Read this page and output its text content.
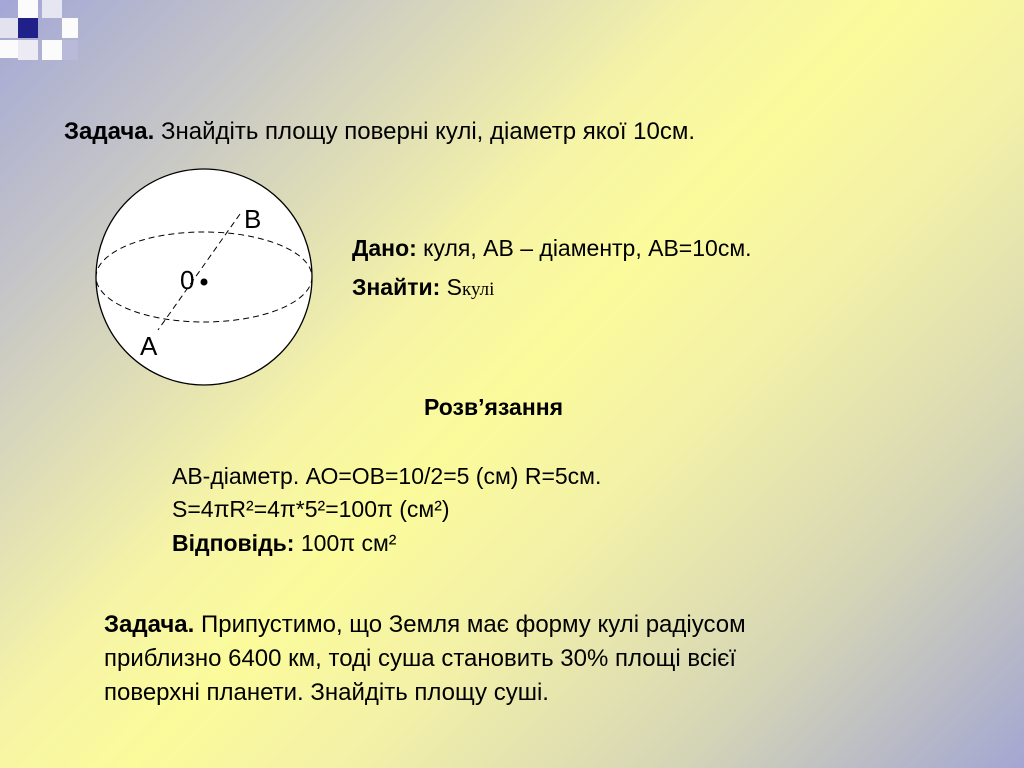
Задача. Знайдіть площу поверні кулі, діаметр якої 10см.
B
0
A
Дано: куля, АВ – діаментр, АВ=10см.
Знайти: Sкулі
Розв’язання
АВ-діаметр. АО=ОВ=10/2=5 (см) R=5см.
S=4πR²=4π*5²=100π (см²)
Відповідь: 100π см²
Задача. Припустимо, що Земля має форму кулі радіусом
приблизно 6400 км, тоді суша становить 30% площі всієї
поверхні планети. Знайдіть площу суші.
